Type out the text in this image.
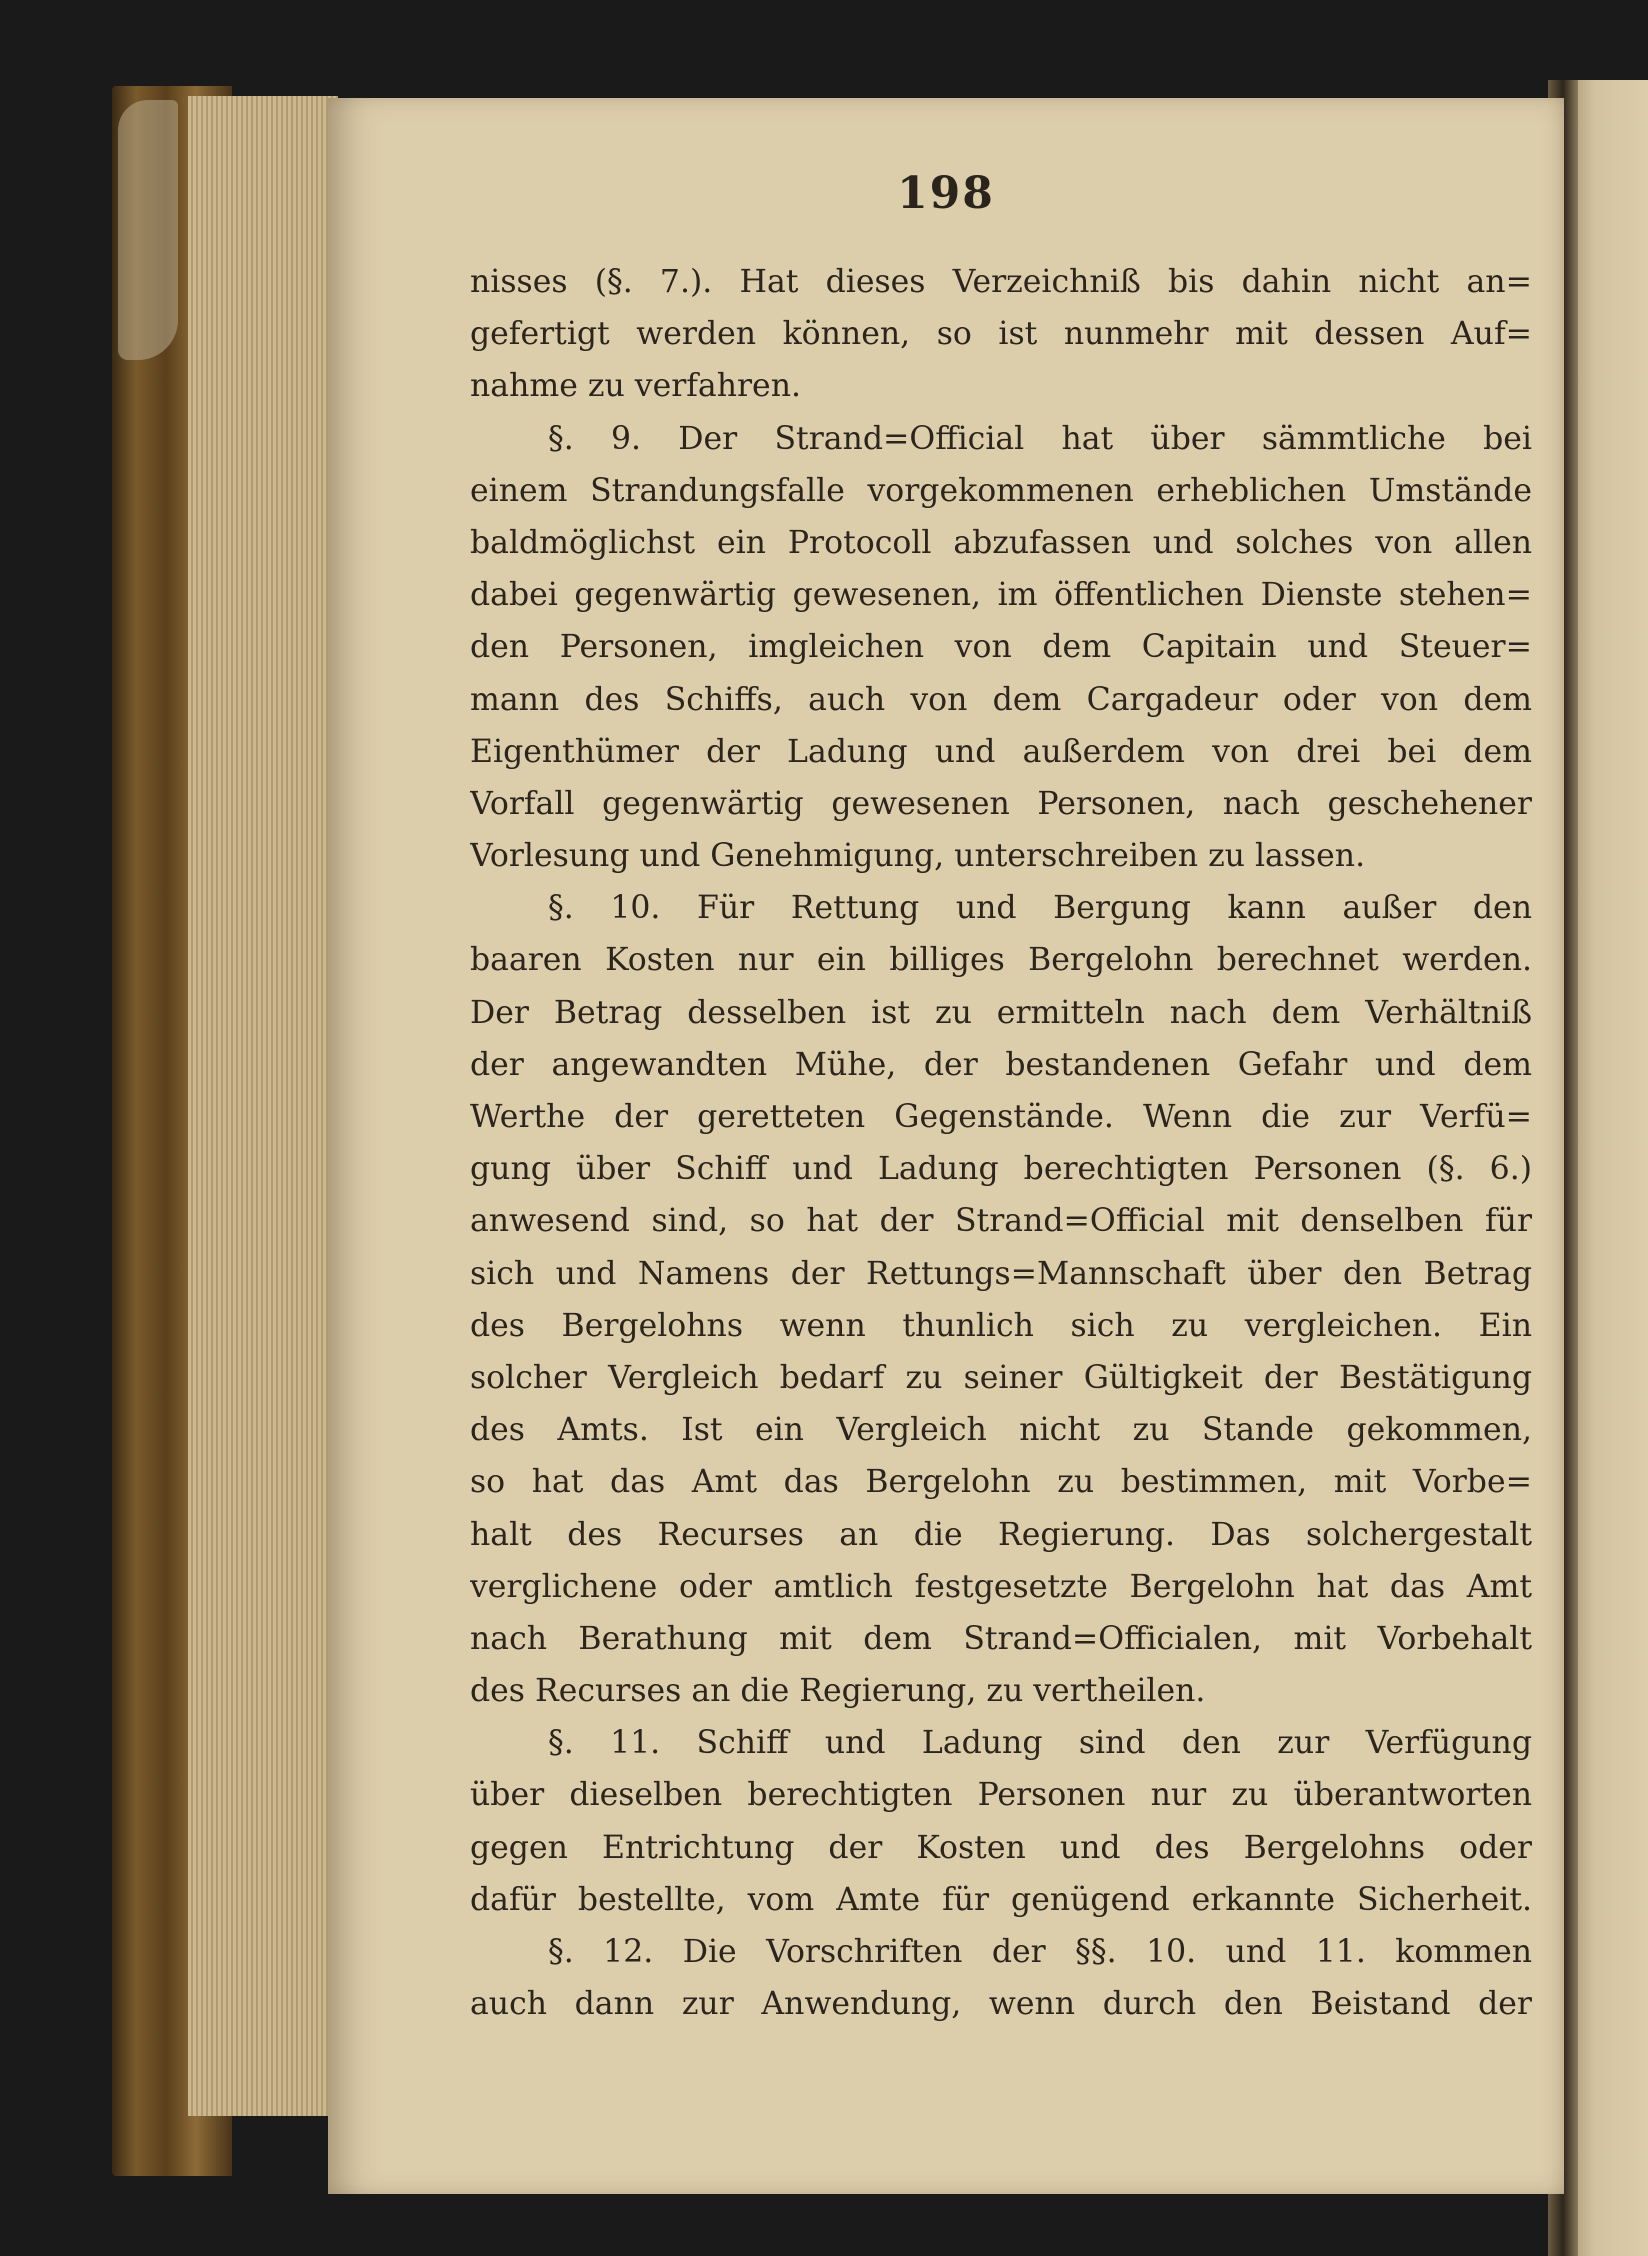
198
nisses (§. 7.). Hat dieses Verzeichniß bis dahin nicht an=
gefertigt werden können, so ist nunmehr mit dessen Auf=
nahme zu verfahren.
§. 9. Der Strand=Official hat über sämmtliche bei
einem Strandungsfalle vorgekommenen erheblichen Umstände
baldmöglichst ein Protocoll abzufassen und solches von allen
dabei gegenwärtig gewesenen, im öffentlichen Dienste stehen=
den Personen, imgleichen von dem Capitain und Steuer=
mann des Schiffs, auch von dem Cargadeur oder von dem
Eigenthümer der Ladung und außerdem von drei bei dem
Vorfall gegenwärtig gewesenen Personen, nach geschehener
Vorlesung und Genehmigung, unterschreiben zu lassen.
§. 10. Für Rettung und Bergung kann außer den
baaren Kosten nur ein billiges Bergelohn berechnet werden.
Der Betrag desselben ist zu ermitteln nach dem Verhältniß
der angewandten Mühe, der bestandenen Gefahr und dem
Werthe der geretteten Gegenstände. Wenn die zur Verfü=
gung über Schiff und Ladung berechtigten Personen (§. 6.)
anwesend sind, so hat der Strand=Official mit denselben für
sich und Namens der Rettungs=Mannschaft über den Betrag
des Bergelohns wenn thunlich sich zu vergleichen. Ein
solcher Vergleich bedarf zu seiner Gültigkeit der Bestätigung
des Amts. Ist ein Vergleich nicht zu Stande gekommen,
so hat das Amt das Bergelohn zu bestimmen, mit Vorbe=
halt des Recurses an die Regierung. Das solchergestalt
verglichene oder amtlich festgesetzte Bergelohn hat das Amt
nach Berathung mit dem Strand=Officialen, mit Vorbehalt
des Recurses an die Regierung, zu vertheilen.
§. 11. Schiff und Ladung sind den zur Verfügung
über dieselben berechtigten Personen nur zu überantworten
gegen Entrichtung der Kosten und des Bergelohns oder
dafür bestellte, vom Amte für genügend erkannte Sicherheit.
§. 12. Die Vorschriften der §§. 10. und 11. kommen
auch dann zur Anwendung, wenn durch den Beistand der
